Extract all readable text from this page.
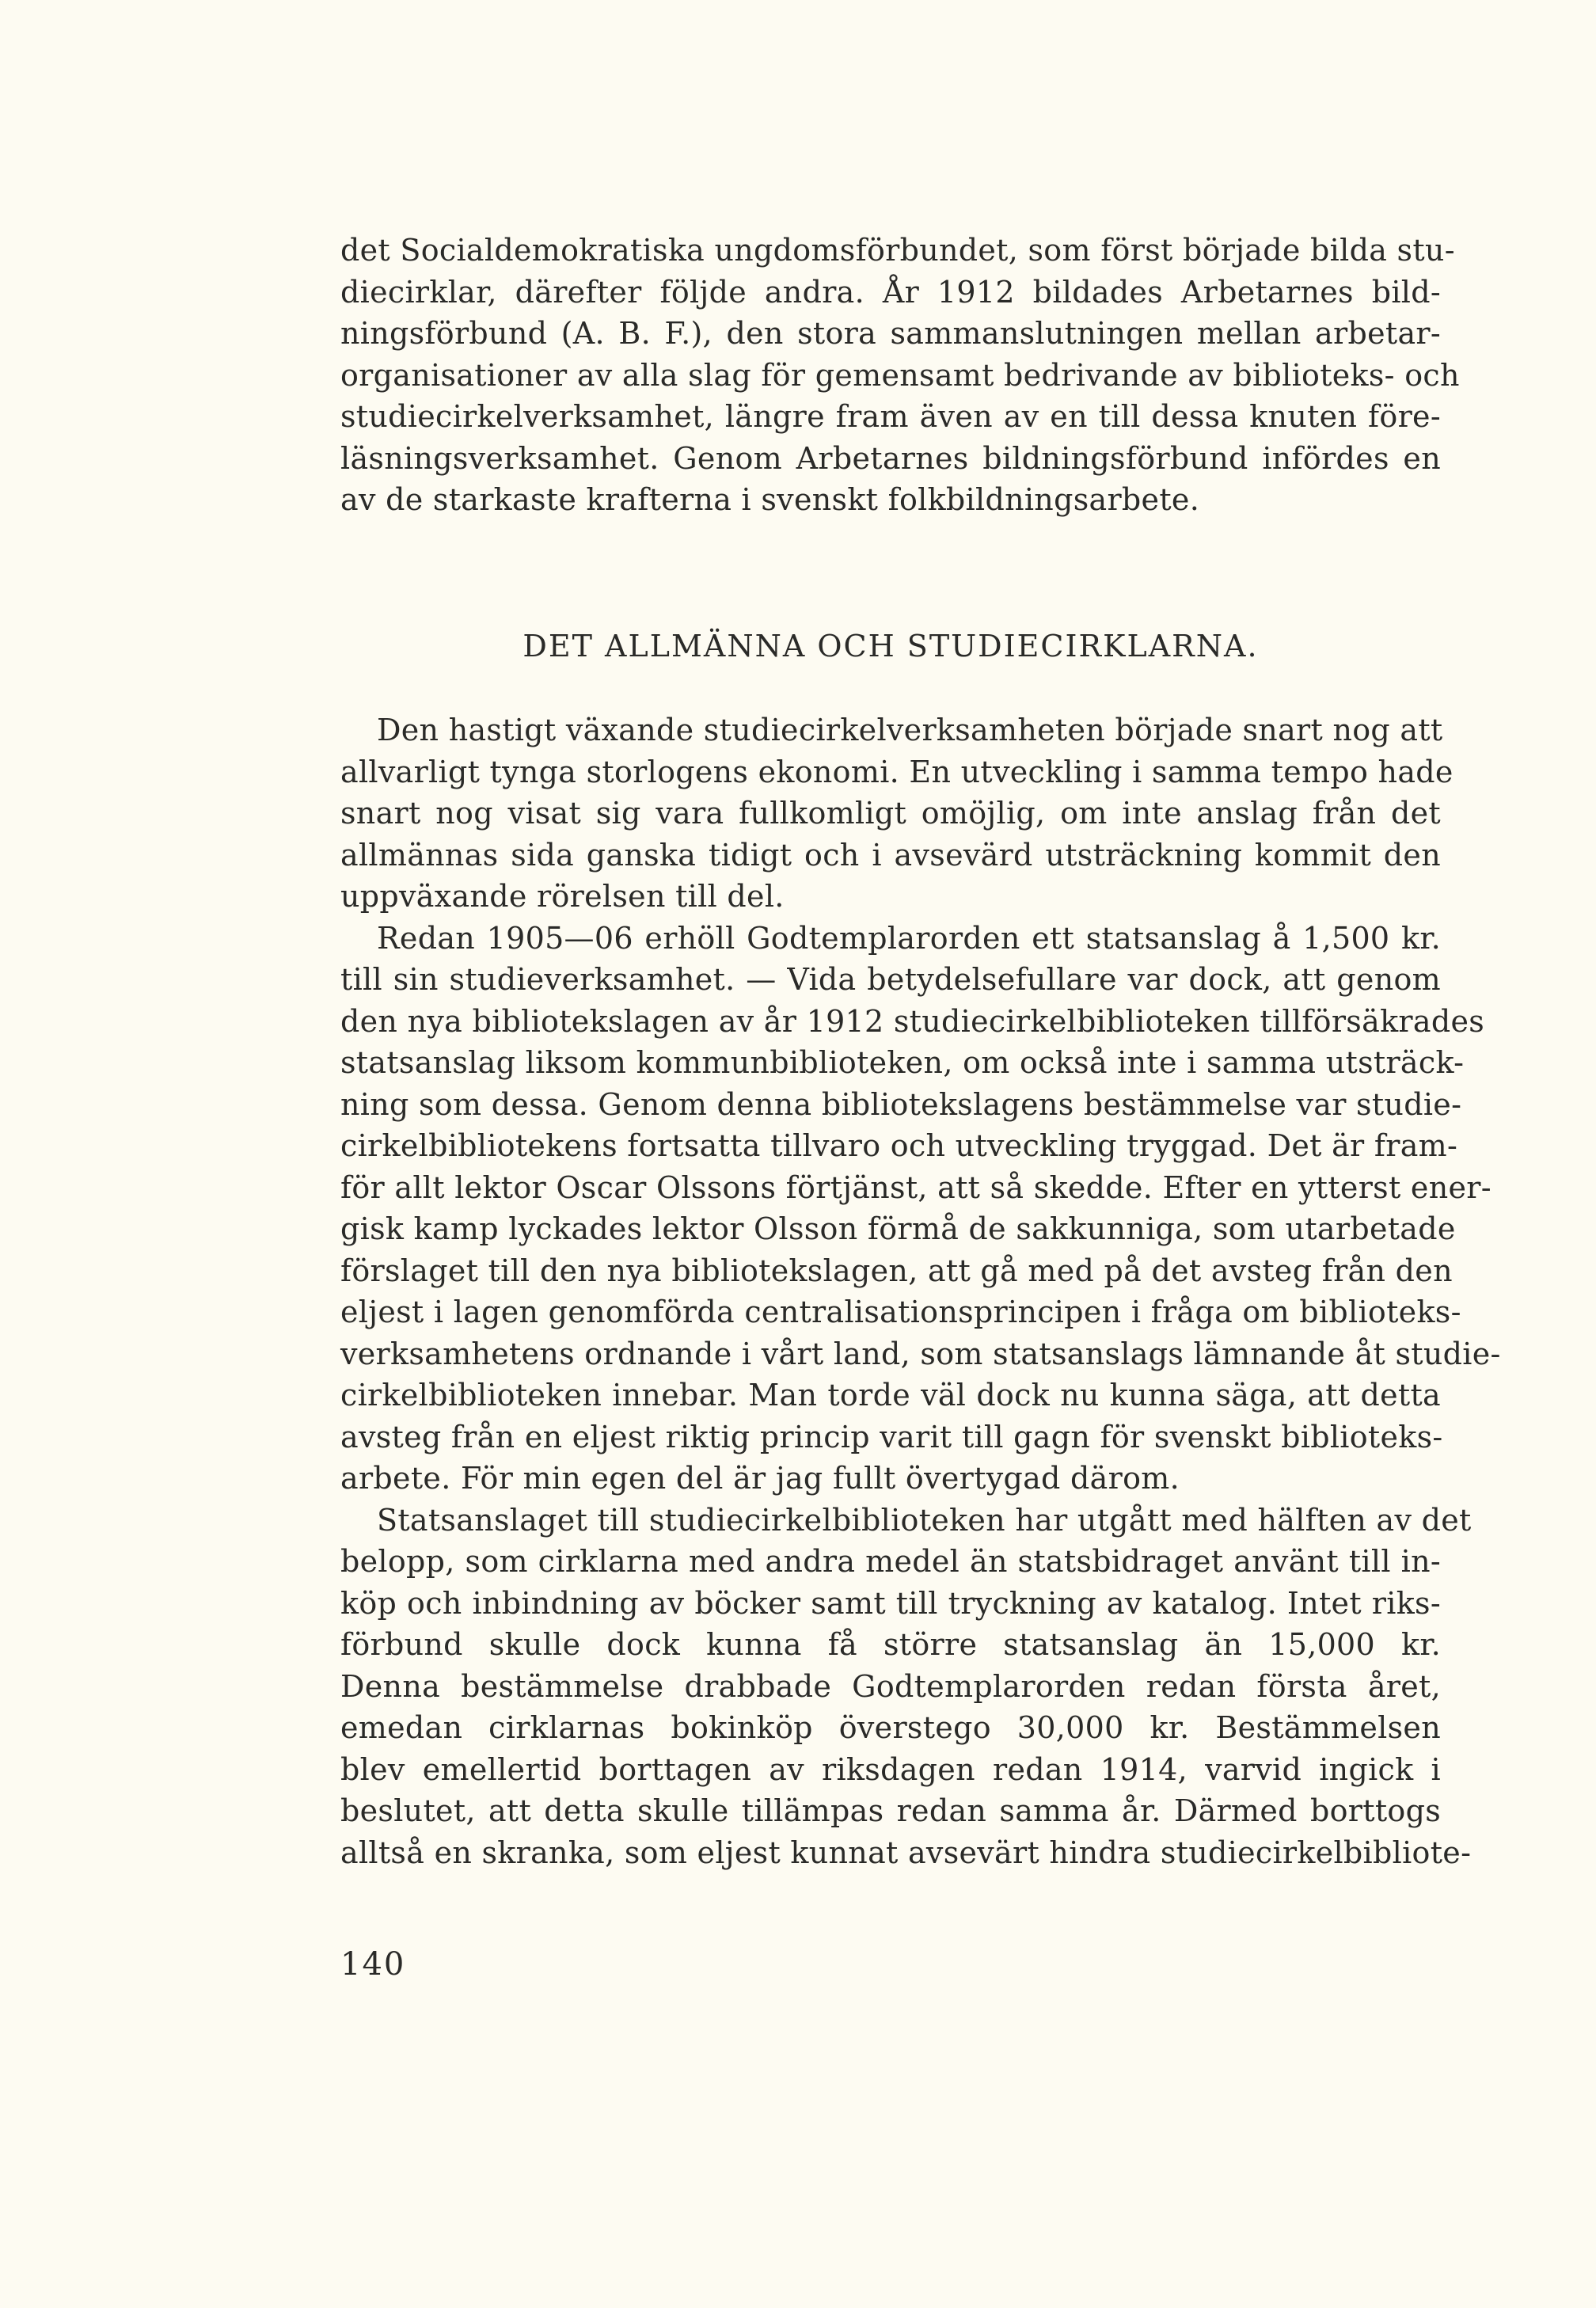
det Socialdemokratiska ungdomsförbundet, som först började bilda stu-
diecirklar, därefter följde andra. År 1912 bildades Arbetarnes bild-
ningsförbund (A. B. F.), den stora sammanslutningen mellan arbetar-
organisationer av alla slag för gemensamt bedrivande av biblioteks- och
studiecirkelverksamhet, längre fram även av en till dessa knuten före-
läsningsverksamhet. Genom Arbetarnes bildningsförbund infördes en
av de starkaste krafterna i svenskt folkbildningsarbete.
DET ALLMÄNNA OCH STUDIECIRKLARNA.
Den hastigt växande studiecirkelverksamheten började snart nog att
allvarligt tynga storlogens ekonomi. En utveckling i samma tempo hade
snart nog visat sig vara fullkomligt omöjlig, om inte anslag från det
allmännas sida ganska tidigt och i avsevärd utsträckning kommit den
uppväxande rörelsen till del.
Redan 1905—06 erhöll Godtemplarorden ett statsanslag å 1,500 kr.
till sin studieverksamhet. — Vida betydelsefullare var dock, att genom
den nya bibliotekslagen av år 1912 studiecirkelbiblioteken tillförsäkrades
statsanslag liksom kommunbiblioteken, om också inte i samma utsträck-
ning som dessa. Genom denna bibliotekslagens bestämmelse var studie-
cirkelbibliotekens fortsatta tillvaro och utveckling tryggad. Det är fram-
för allt lektor Oscar Olssons förtjänst, att så skedde. Efter en ytterst ener-
gisk kamp lyckades lektor Olsson förmå de sakkunniga, som utarbetade
förslaget till den nya bibliotekslagen, att gå med på det avsteg från den
eljest i lagen genomförda centralisationsprincipen i fråga om biblioteks-
verksamhetens ordnande i vårt land, som statsanslags lämnande åt studie-
cirkelbiblioteken innebar. Man torde väl dock nu kunna säga, att detta
avsteg från en eljest riktig princip varit till gagn för svenskt biblioteks-
arbete. För min egen del är jag fullt övertygad därom.
Statsanslaget till studiecirkelbiblioteken har utgått med hälften av det
belopp, som cirklarna med andra medel än statsbidraget använt till in-
köp och inbindning av böcker samt till tryckning av katalog. Intet riks-
förbund skulle dock kunna få större statsanslag än 15,000 kr.
Denna bestämmelse drabbade Godtemplarorden redan första året,
emedan cirklarnas bokinköp överstego 30,000 kr. Bestämmelsen
blev emellertid borttagen av riksdagen redan 1914, varvid ingick i
beslutet, att detta skulle tillämpas redan samma år. Därmed borttogs
alltså en skranka, som eljest kunnat avsevärt hindra studiecirkelbibliote-
140
